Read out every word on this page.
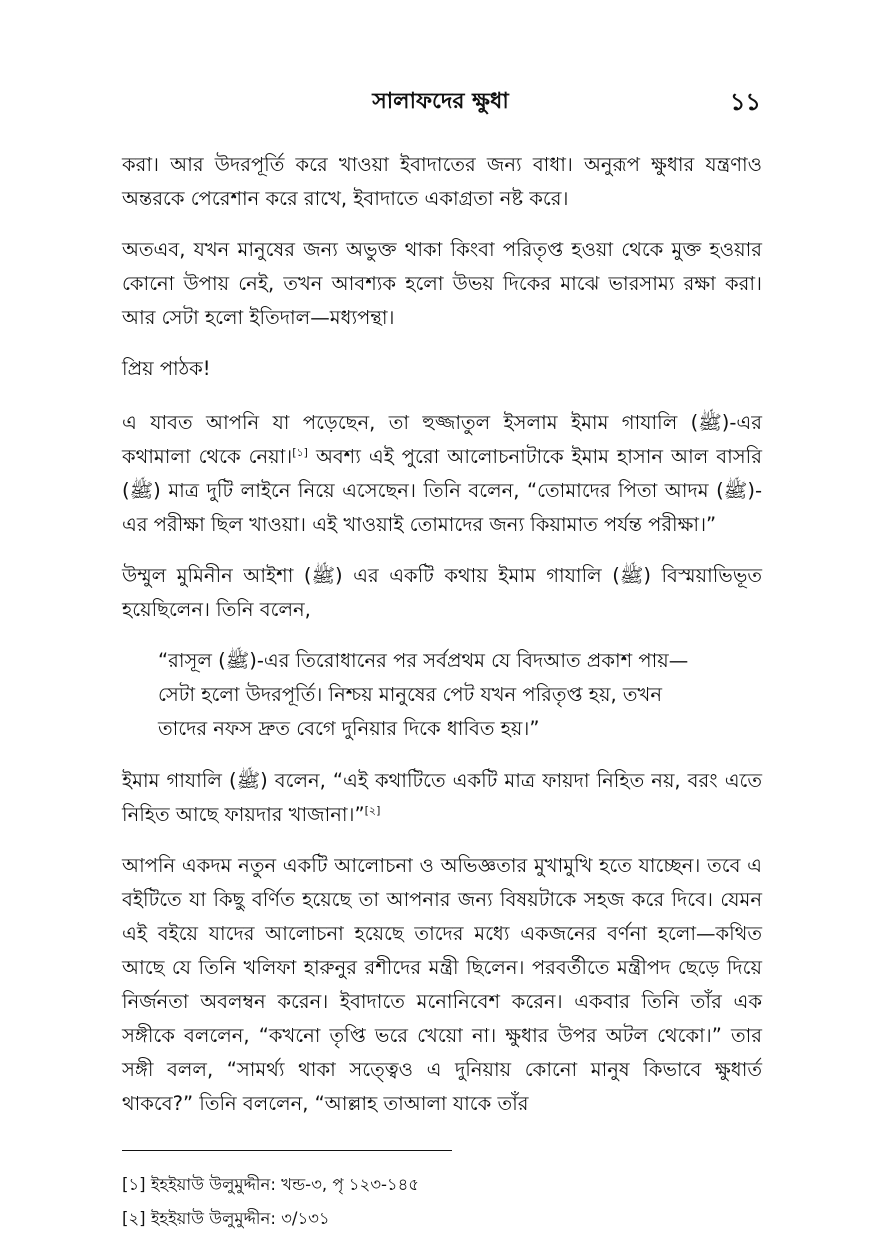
সালাফদের ক্ষুধা	১১

করা। আর উদরপূর্তি করে খাওয়া ইবাদাতের জন্য বাধা। অনুরূপ ক্ষুধার যন্ত্রণাও অন্তরকে পেরেশান করে রাখে, ইবাদাতে একাগ্রতা নষ্ট করে।

অতএব, যখন মানুষের জন্য অভুক্ত থাকা কিংবা পরিতৃপ্ত হওয়া থেকে মুক্ত হওয়ার কোনো উপায় নেই, তখন আবশ্যক হলো উভয় দিকের মাঝে ভারসাম্য রক্ষা করা। আর সেটা হলো ইতিদাল—মধ্যপন্থা।

প্রিয় পাঠক!

এ যাবত আপনি যা পড়েছেন, তা হুজ্জাতুল ইসলাম ইমাম গাযালি (ﷺ)-এর কথামালা থেকে নেয়া।[১] অবশ্য এই পুরো আলোচনাটাকে ইমাম হাসান আল বাসরি (ﷺ) মাত্র দুটি লাইনে নিয়ে এসেছেন। তিনি বলেন, “তোমাদের পিতা আদম (ﷺ)-এর পরীক্ষা ছিল খাওয়া। এই খাওয়াই তোমাদের জন্য কিয়ামাত পর্যন্ত পরীক্ষা।”

উম্মুল মুমিনীন আইশা (ﷺ) এর একটি কথায় ইমাম গাযালি (ﷺ) বিস্ময়াভিভূত হয়েছিলেন। তিনি বলেন,

“রাসূল (ﷺ)-এর তিরোধানের পর সর্বপ্রথম যে বিদআত প্রকাশ পায়—
সেটা হলো উদরপূর্তি। নিশ্চয় মানুষের পেট যখন পরিতৃপ্ত হয়, তখন
তাদের নফস দ্রুত বেগে দুনিয়ার দিকে ধাবিত হয়।”

ইমাম গাযালি (ﷺ) বলেন, “এই কথাটিতে একটি মাত্র ফায়দা নিহিত নয়, বরং এতে নিহিত আছে ফায়দার খাজানা।”[২]

আপনি একদম নতুন একটি আলোচনা ও অভিজ্ঞতার মুখামুখি হতে যাচ্ছেন। তবে এ বইটিতে যা কিছু বর্ণিত হয়েছে তা আপনার জন্য বিষয়টাকে সহজ করে দিবে। যেমন এই বইয়ে যাদের আলোচনা হয়েছে তাদের মধ্যে একজনের বর্ণনা হলো—কথিত আছে যে তিনি খলিফা হারুনুর রশীদের মন্ত্রী ছিলেন। পরবর্তীতে মন্ত্রীপদ ছেড়ে দিয়ে নির্জনতা অবলম্বন করেন। ইবাদাতে মনোনিবেশ করেন। একবার তিনি তাঁর এক সঙ্গীকে বললেন, “কখনো তৃপ্তি ভরে খেয়ো না। ক্ষুধার উপর অটল থেকো।” তার সঙ্গী বলল, “সামর্থ্য থাকা সত্ত্বেও এ দুনিয়ায় কোনো মানুষ কিভাবে ক্ষুধার্ত থাকবে?” তিনি বললেন, “আল্লাহ তাআলা যাকে তাঁর

[১] ইহইয়াউ উলুমুদ্দীন: খন্ড-৩, পৃ ১২৩-১৪৫
[২] ইহইয়াউ উলুমুদ্দীন: ৩/১৩১
